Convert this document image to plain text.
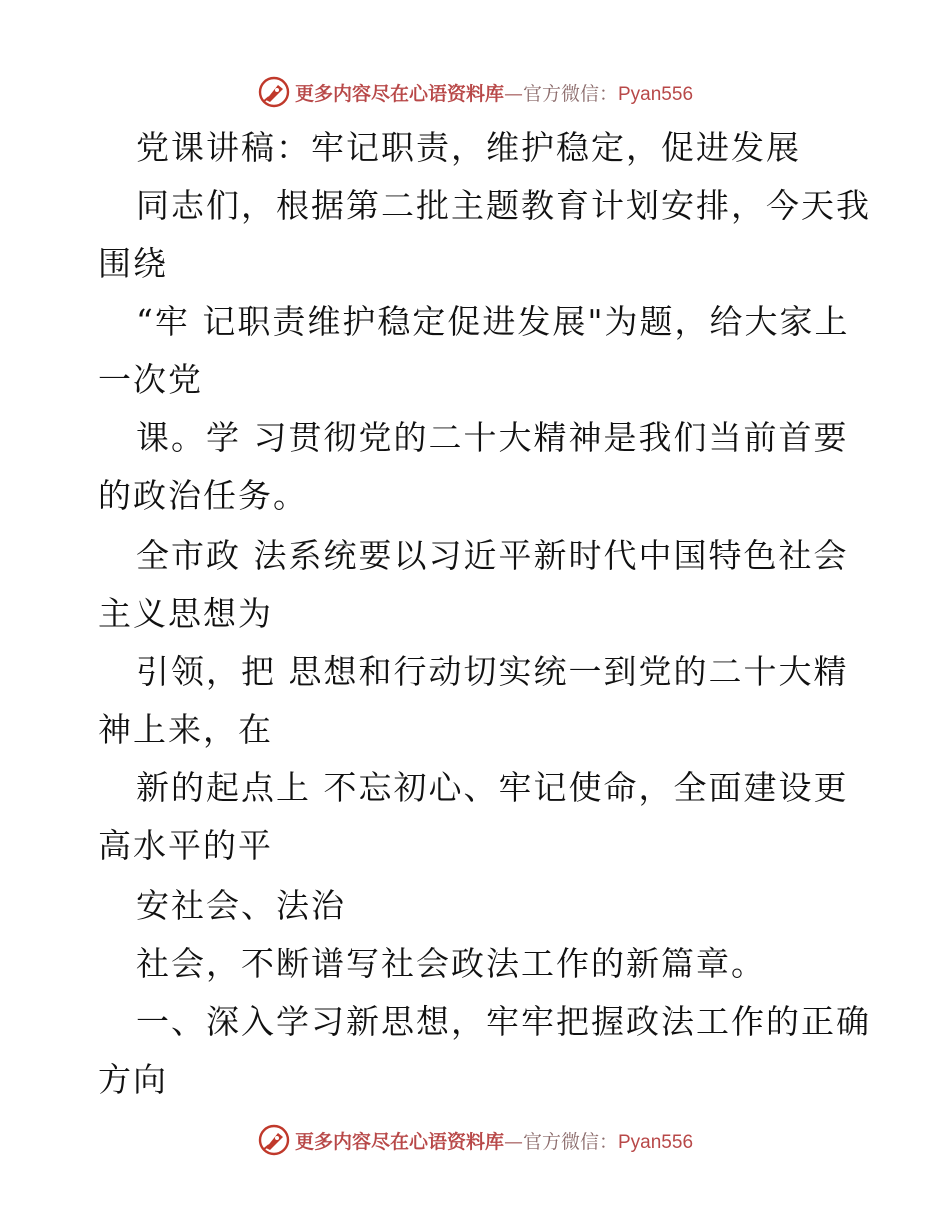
更多内容尽在心语资料库—官方微信：Pyan556
党课讲稿：牢记职责，维护稳定，促进发展
同志们，根据第二批主题教育计划安排，今天我
围绕
“牢 记职责维护稳定促进发展"为题，给大家上
一次党
课。学 习贯彻党的二十大精神是我们当前首要
的政治任务。
全市政 法系统要以习近平新时代中国特色社会
主义思想为
引领，把 思想和行动切实统一到党的二十大精
神上来，在
新的起点上 不忘初心、牢记使命，全面建设更
高水平的平
安社会、法治
社会，不断谱写社会政法工作的新篇章。
一、深入学习新思想，牢牢把握政法工作的正确
方向
更多内容尽在心语资料库—官方微信：Pyan556
